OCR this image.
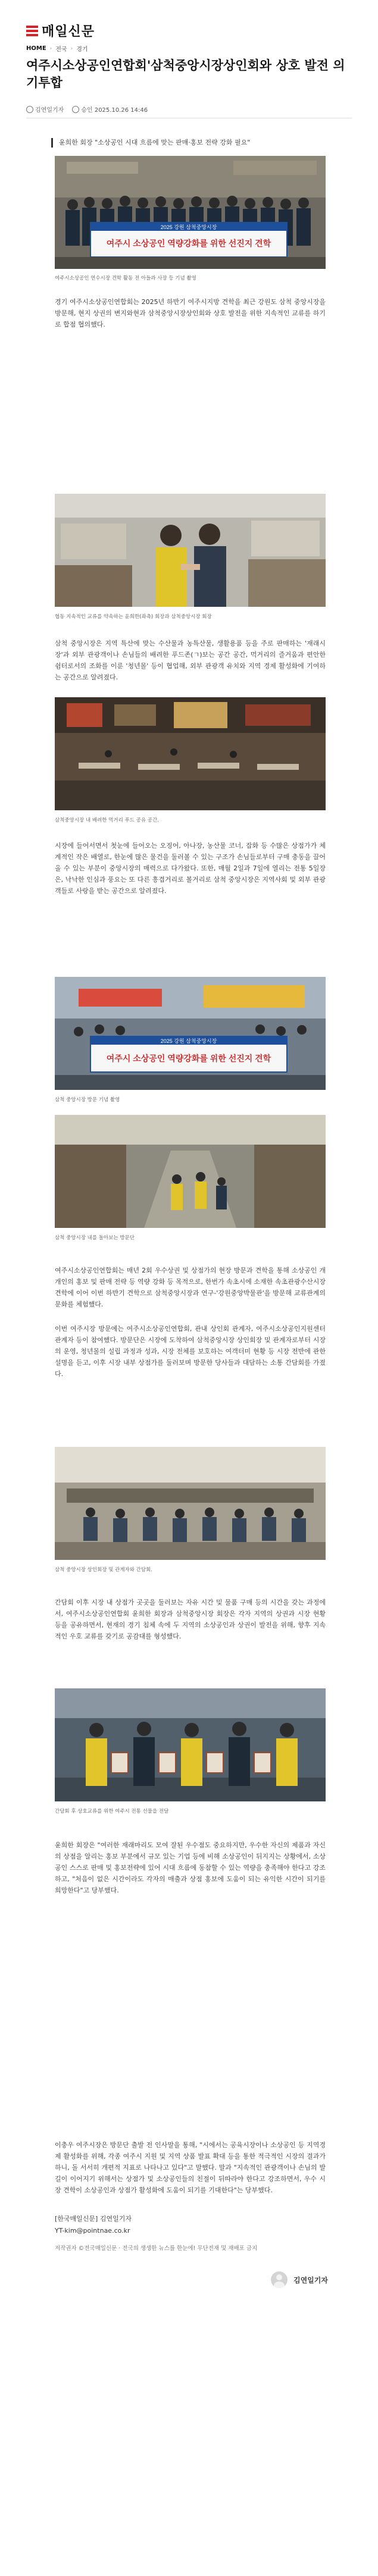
매일신문
HOME › 전국 › 경기
여주시소상공인연합회'삼척중앙시장상인회와 상호 발전 의기투합
김연일기자	승인 2025.10.26 14:46
윤희한 회장 "소상공인 시대 흐름에 맞는 판매·홍보 전략 강화 필요"
2025 강원 삼척중앙시장
여주시 소상공인 역량강화를 위한 선진지 견학
여주시소상공인 연수시장 견학 활동 전 아들과 사장 등 기념 촬영
경기 여주시소상공인연합회는 2025년 하반기 여주시지방 견학을 최근 강원도 삼척 중앙시장을 방문해, 현지 상권의 변지와현과 삼척중앙시장상인회와 상호 발전을 위한 지속적인 교류를 하기로 합점 협의했다.
협동 지속적인 교류를 약속하는 윤희한(좌측) 회장과 삼척중앙시장 회장
삼척 중앙시장은 지역 특산에 맞는 수산물과 농특산물, 생활용품 등을 주로 판매하는 '재래시장'과 외부 관광객이나 손님들의 배려한 푸드존(ㄱ)보는 공간 공간, 먹거리의 즐거움과 편안한 쉼터로서의 조화를 이룬 '청년몰' 등이 협업해, 외부 관광객 유치와 지역 경제 활성화에 기여하는 공간으로 알려졌다.
삼척중앙시장 내 배려한 먹거리 푸드 공유 공간.
시장에 들어서면서 첫눈에 들어오는 오징어, 아나장, 농산물 코너, 잡화 등 수많은 상점가가 체계적인 작은 배열로, 한눈에 많은 물건을 둘러볼 수 있는 구조가 손님들로부터 구매 충동을 끌어올 수 있는 부분이 중앙시장의 매력으로 다가왔다. 또한, 매월 2일과 7일에 열리는 전통 5일장은, 낙낙한 인심과 풍요는 또 다른 흥겹거리로 볼거리로 삼척 중앙시장은 지역사회 및 외부 관광객들로 사랑을 받는 공간으로 알려졌다.
2025 강원 삼척중앙시장
여주시 소상공인 역량강화를 위한 선진지 견학
삼척 중앙시장 방문 기념 촬영
삼척 중앙시장 내를 돌아보는 방문단
여주시소상공인연합회는 매년 2회 우수상권 및 상점가의 현장 방문과 견학을 통해 소상공인 개개인의 홍보 및 판매 전략 등 역량 강화 등 목적으로, 한번가 속초시에 소재한 속초관광수산시장 견학에 이어 이번 하반기 견학으로 삼척중앙시장과 연구-'강원중앙박물관'을 방문해 교류관계의 문화를 체험했다.
이번 여주시장 방문에는 여주시소상공인연합회, 관내 상인회 관계자, 여주시소상공인지원센터 관계자 등이 참여했다. 방문단은 시장에 도착하여 삼척중앙시장 상인회장 및 관계자로부터 시장의 운영, 청년몰의 설립 과정과 성과, 시장 전체를 보호하는 여객터미 현황 등 시장 전반에 관한 설명을 듣고, 이후 시장 내부 상점가를 둘러보며 방문한 당사들과 대담하는 소통 간담회를 가졌다.
삼척 중앙시장 상인회장 및 관계자와 간담회.
간담회 이후 시장 내 상점가 곳곳을 둘러보는 자유 시간 및 물품 구매 등의 시간을 갖는 과정에서, 여주시소상공인연합회 윤희한 회장과 삼척중앙시장 회장은 각자 지역의 상권과 시장 현황 등을 공유하면서, 현재의 경기 침체 속에 두 지역의 소상공인과 상권이 발전을 위해, 향후 지속적인 우호 교류를 갖기로 공감대를 형성했다.
간담회 후 상호교류를 위한 여주시 전통 선물을 전달
윤희한 회장은 "여러한 재래마리도 모여 잘된 우수점도 중요하지만, 우수한 자신의 제품과 자신의 상점을 알리는 홍보 부분에서 규모 있는 기업 등에 비해 소상공인이 뒤지지는 상황에서, 소상공인 스스로 판매 및 홍보전략에 있어 시대 흐름에 동참할 수 있는 역량을 충족해야 한다고 강조하고, "처음이 없은 시간이라도 각자의 매출과 상점 홍보에 도움이 되는 유익한 시간이 되기를 희망한다"고 당부했다.
이충우 여주시장은 방문단 출발 전 인사말을 통해, "시에서는 공육시장이나 소상공인 등 지역경제 활성화를 위해, 각종 여주시 지원 및 지역 상품 발표 확대 등을 통한 적극적인 시장의 결과가 하니, 돌 서서히 개편적 지표로 나타나고 있다"고 말했다. 말과 "지속적인 관광객이나 손님의 발길이 이어지기 위해서는 상점가 및 소상공인들의 친절이 뒤따라야 한다고 강조하면서, 우수 시장 견학이 소상공인과 상점가 활성화에 도움이 되기를 기대한다"는 당부했다.
[한국매일신문] 김연일기자
YT-kim@pointnae.co.kr
저작권자 ©전국매일신문 · 전국의 생생한 뉴스를 한눈에! 무단전재 및 재배포 금지
김연일기자
